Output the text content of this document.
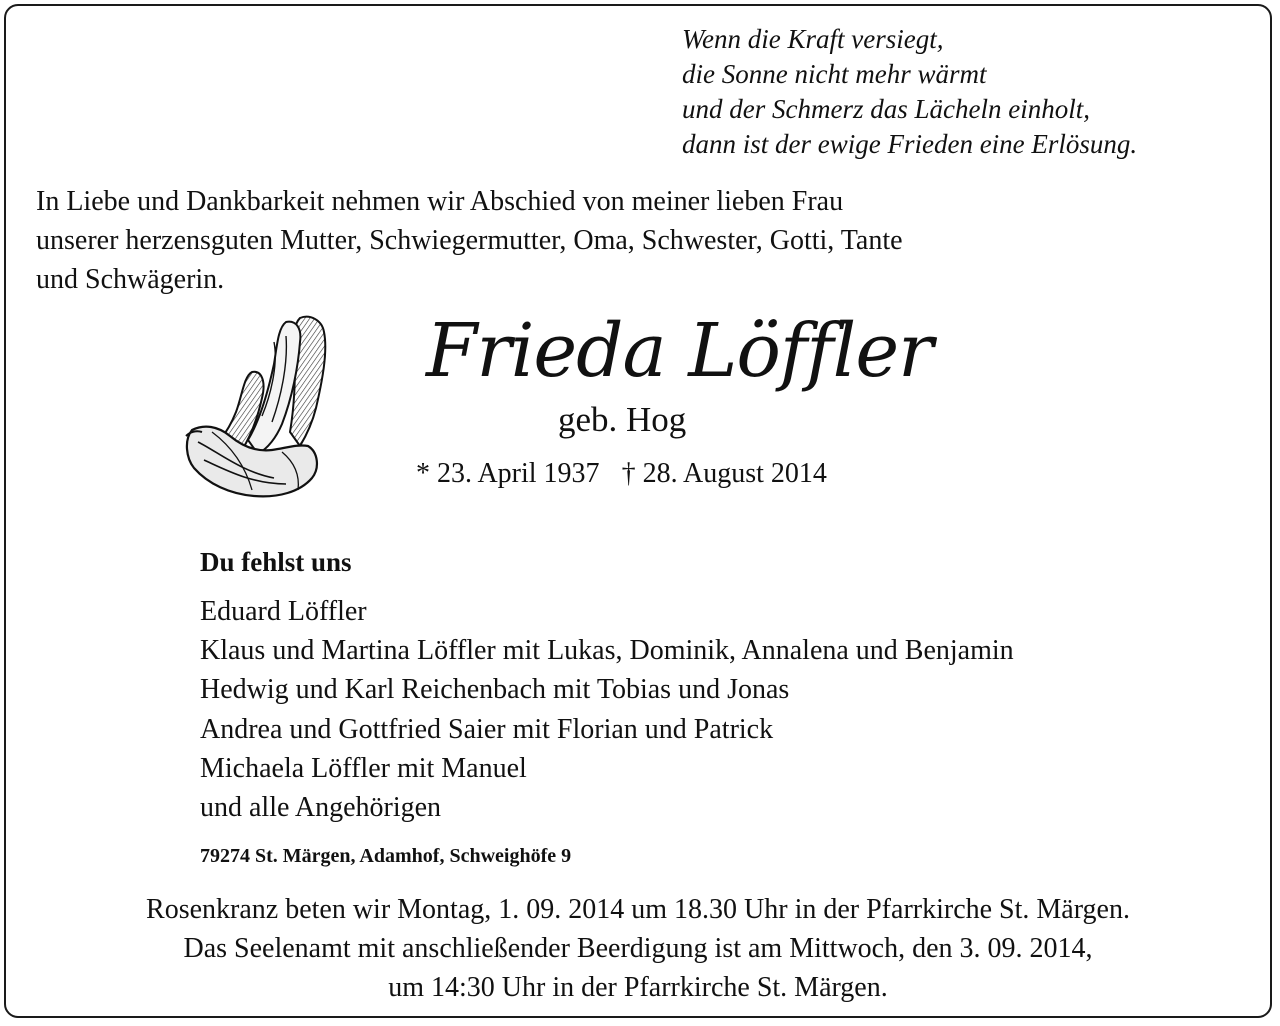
Wenn die Kraft versiegt,
die Sonne nicht mehr wärmt
und der Schmerz das Lächeln einholt,
dann ist der ewige Frieden eine Erlösung.
In Liebe und Dankbarkeit nehmen wir Abschied von meiner lieben Frau
unserer herzensguten Mutter, Schwiegermutter, Oma, Schwester, Gotti, Tante
und Schwägerin.
Frieda Löffler
geb. Hog
* 23. April 1937 † 28. August 2014
Du fehlst uns
Eduard Löffler
Klaus und Martina Löffler mit Lukas, Dominik, Annalena und Benjamin
Hedwig und Karl Reichenbach mit Tobias und Jonas
Andrea und Gottfried Saier mit Florian und Patrick
Michaela Löffler mit Manuel
und alle Angehörigen
79274 St. Märgen, Adamhof, Schweighöfe 9
Rosenkranz beten wir Montag, 1. 09. 2014 um 18.30 Uhr in der Pfarrkirche St. Märgen.
Das Seelenamt mit anschließender Beerdigung ist am Mittwoch, den 3. 09. 2014,
um 14:30 Uhr in der Pfarrkirche St. Märgen.
